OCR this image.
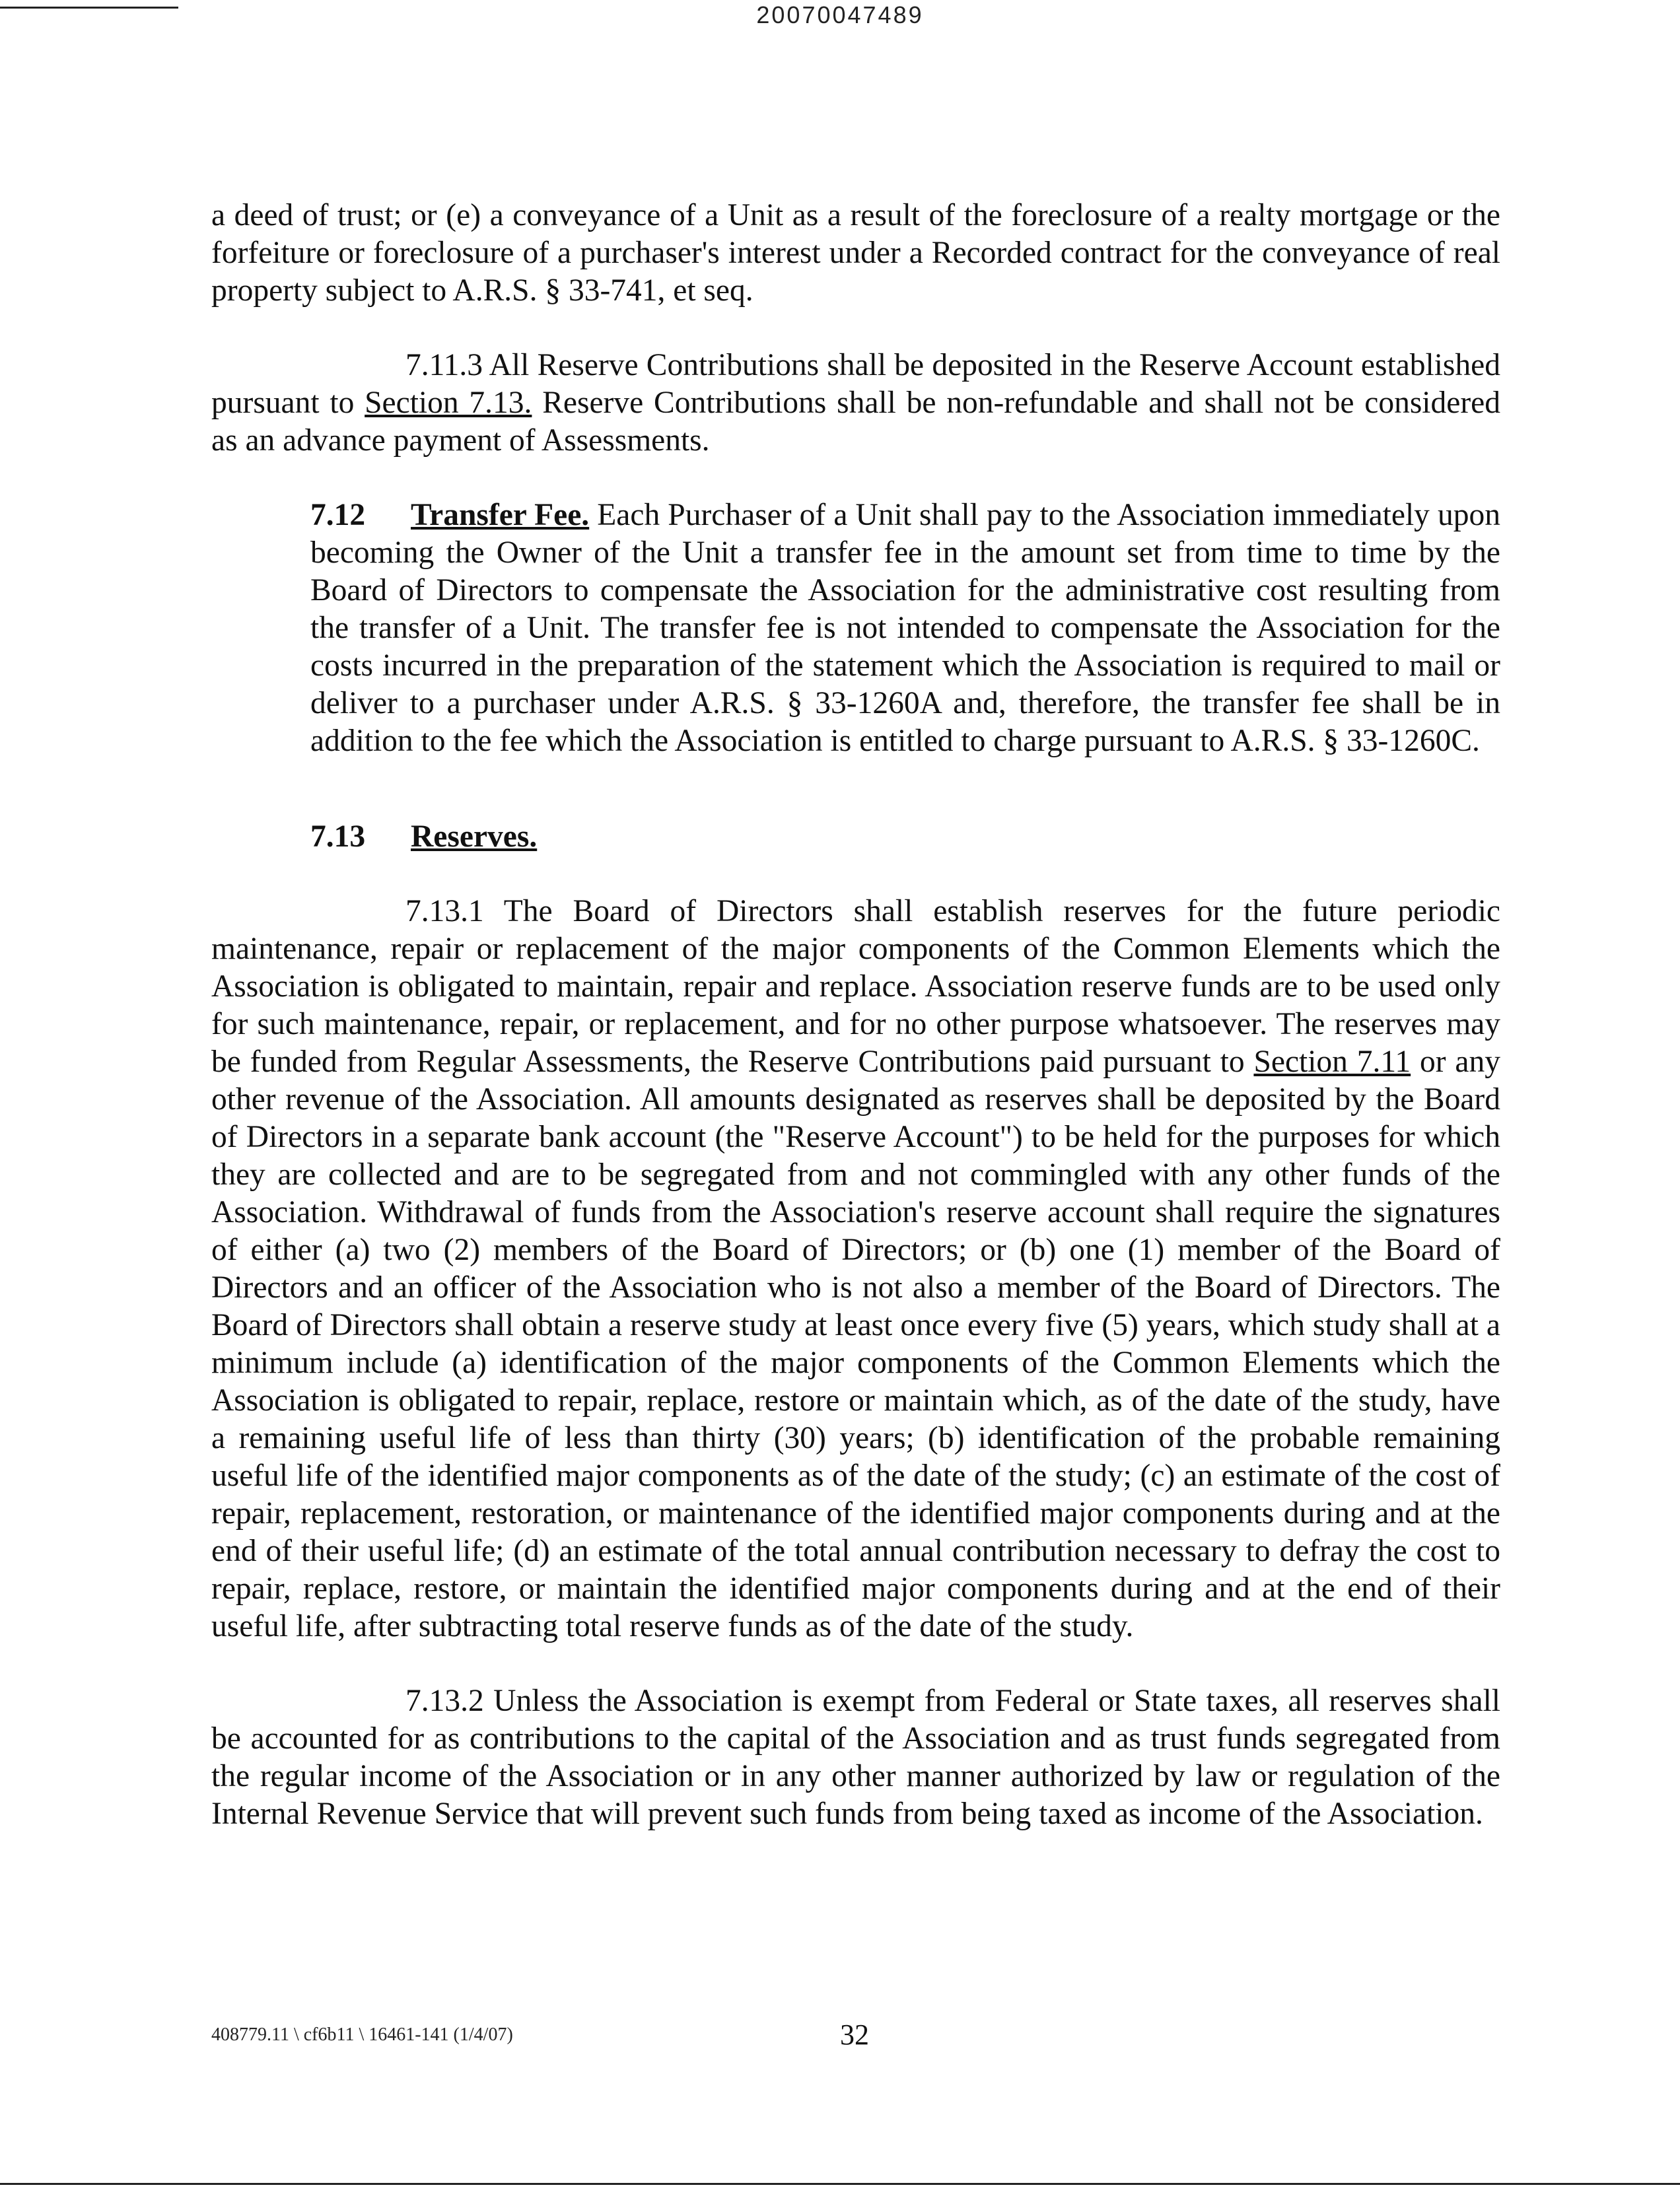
20070047489

a deed of trust; or (e) a conveyance of a Unit as a result of the foreclosure of a realty mortgage or the forfeiture or foreclosure of a purchaser's interest under a Recorded contract for the conveyance of real property subject to A.R.S. § 33-741, et seq.

7.11.3 All Reserve Contributions shall be deposited in the Reserve Account established pursuant to Section 7.13. Reserve Contributions shall be non-refundable and shall not be considered as an advance payment of Assessments.

7.12 Transfer Fee. Each Purchaser of a Unit shall pay to the Association immediately upon becoming the Owner of the Unit a transfer fee in the amount set from time to time by the Board of Directors to compensate the Association for the administrative cost resulting from the transfer of a Unit. The transfer fee is not intended to compensate the Association for the costs incurred in the preparation of the statement which the Association is required to mail or deliver to a purchaser under A.R.S. § 33-1260A and, therefore, the transfer fee shall be in addition to the fee which the Association is entitled to charge pursuant to A.R.S. § 33-1260C.

7.13 Reserves.

7.13.1 The Board of Directors shall establish reserves for the future periodic maintenance, repair or replacement of the major components of the Common Elements which the Association is obligated to maintain, repair and replace. Association reserve funds are to be used only for such maintenance, repair, or replacement, and for no other purpose whatsoever. The reserves may be funded from Regular Assessments, the Reserve Contributions paid pursuant to Section 7.11 or any other revenue of the Association. All amounts designated as reserves shall be deposited by the Board of Directors in a separate bank account (the "Reserve Account") to be held for the purposes for which they are collected and are to be segregated from and not commingled with any other funds of the Association. Withdrawal of funds from the Association's reserve account shall require the signatures of either (a) two (2) members of the Board of Directors; or (b) one (1) member of the Board of Directors and an officer of the Association who is not also a member of the Board of Directors. The Board of Directors shall obtain a reserve study at least once every five (5) years, which study shall at a minimum include (a) identification of the major components of the Common Elements which the Association is obligated to repair, replace, restore or maintain which, as of the date of the study, have a remaining useful life of less than thirty (30) years; (b) identification of the probable remaining useful life of the identified major components as of the date of the study; (c) an estimate of the cost of repair, replacement, restoration, or maintenance of the identified major components during and at the end of their useful life; (d) an estimate of the total annual contribution necessary to defray the cost to repair, replace, restore, or maintain the identified major components during and at the end of their useful life, after subtracting total reserve funds as of the date of the study.

7.13.2 Unless the Association is exempt from Federal or State taxes, all reserves shall be accounted for as contributions to the capital of the Association and as trust funds segregated from the regular income of the Association or in any other manner authorized by law or regulation of the Internal Revenue Service that will prevent such funds from being taxed as income of the Association.

408779.11 \ cf6b11 \ 16461-141 (1/4/07)	32
